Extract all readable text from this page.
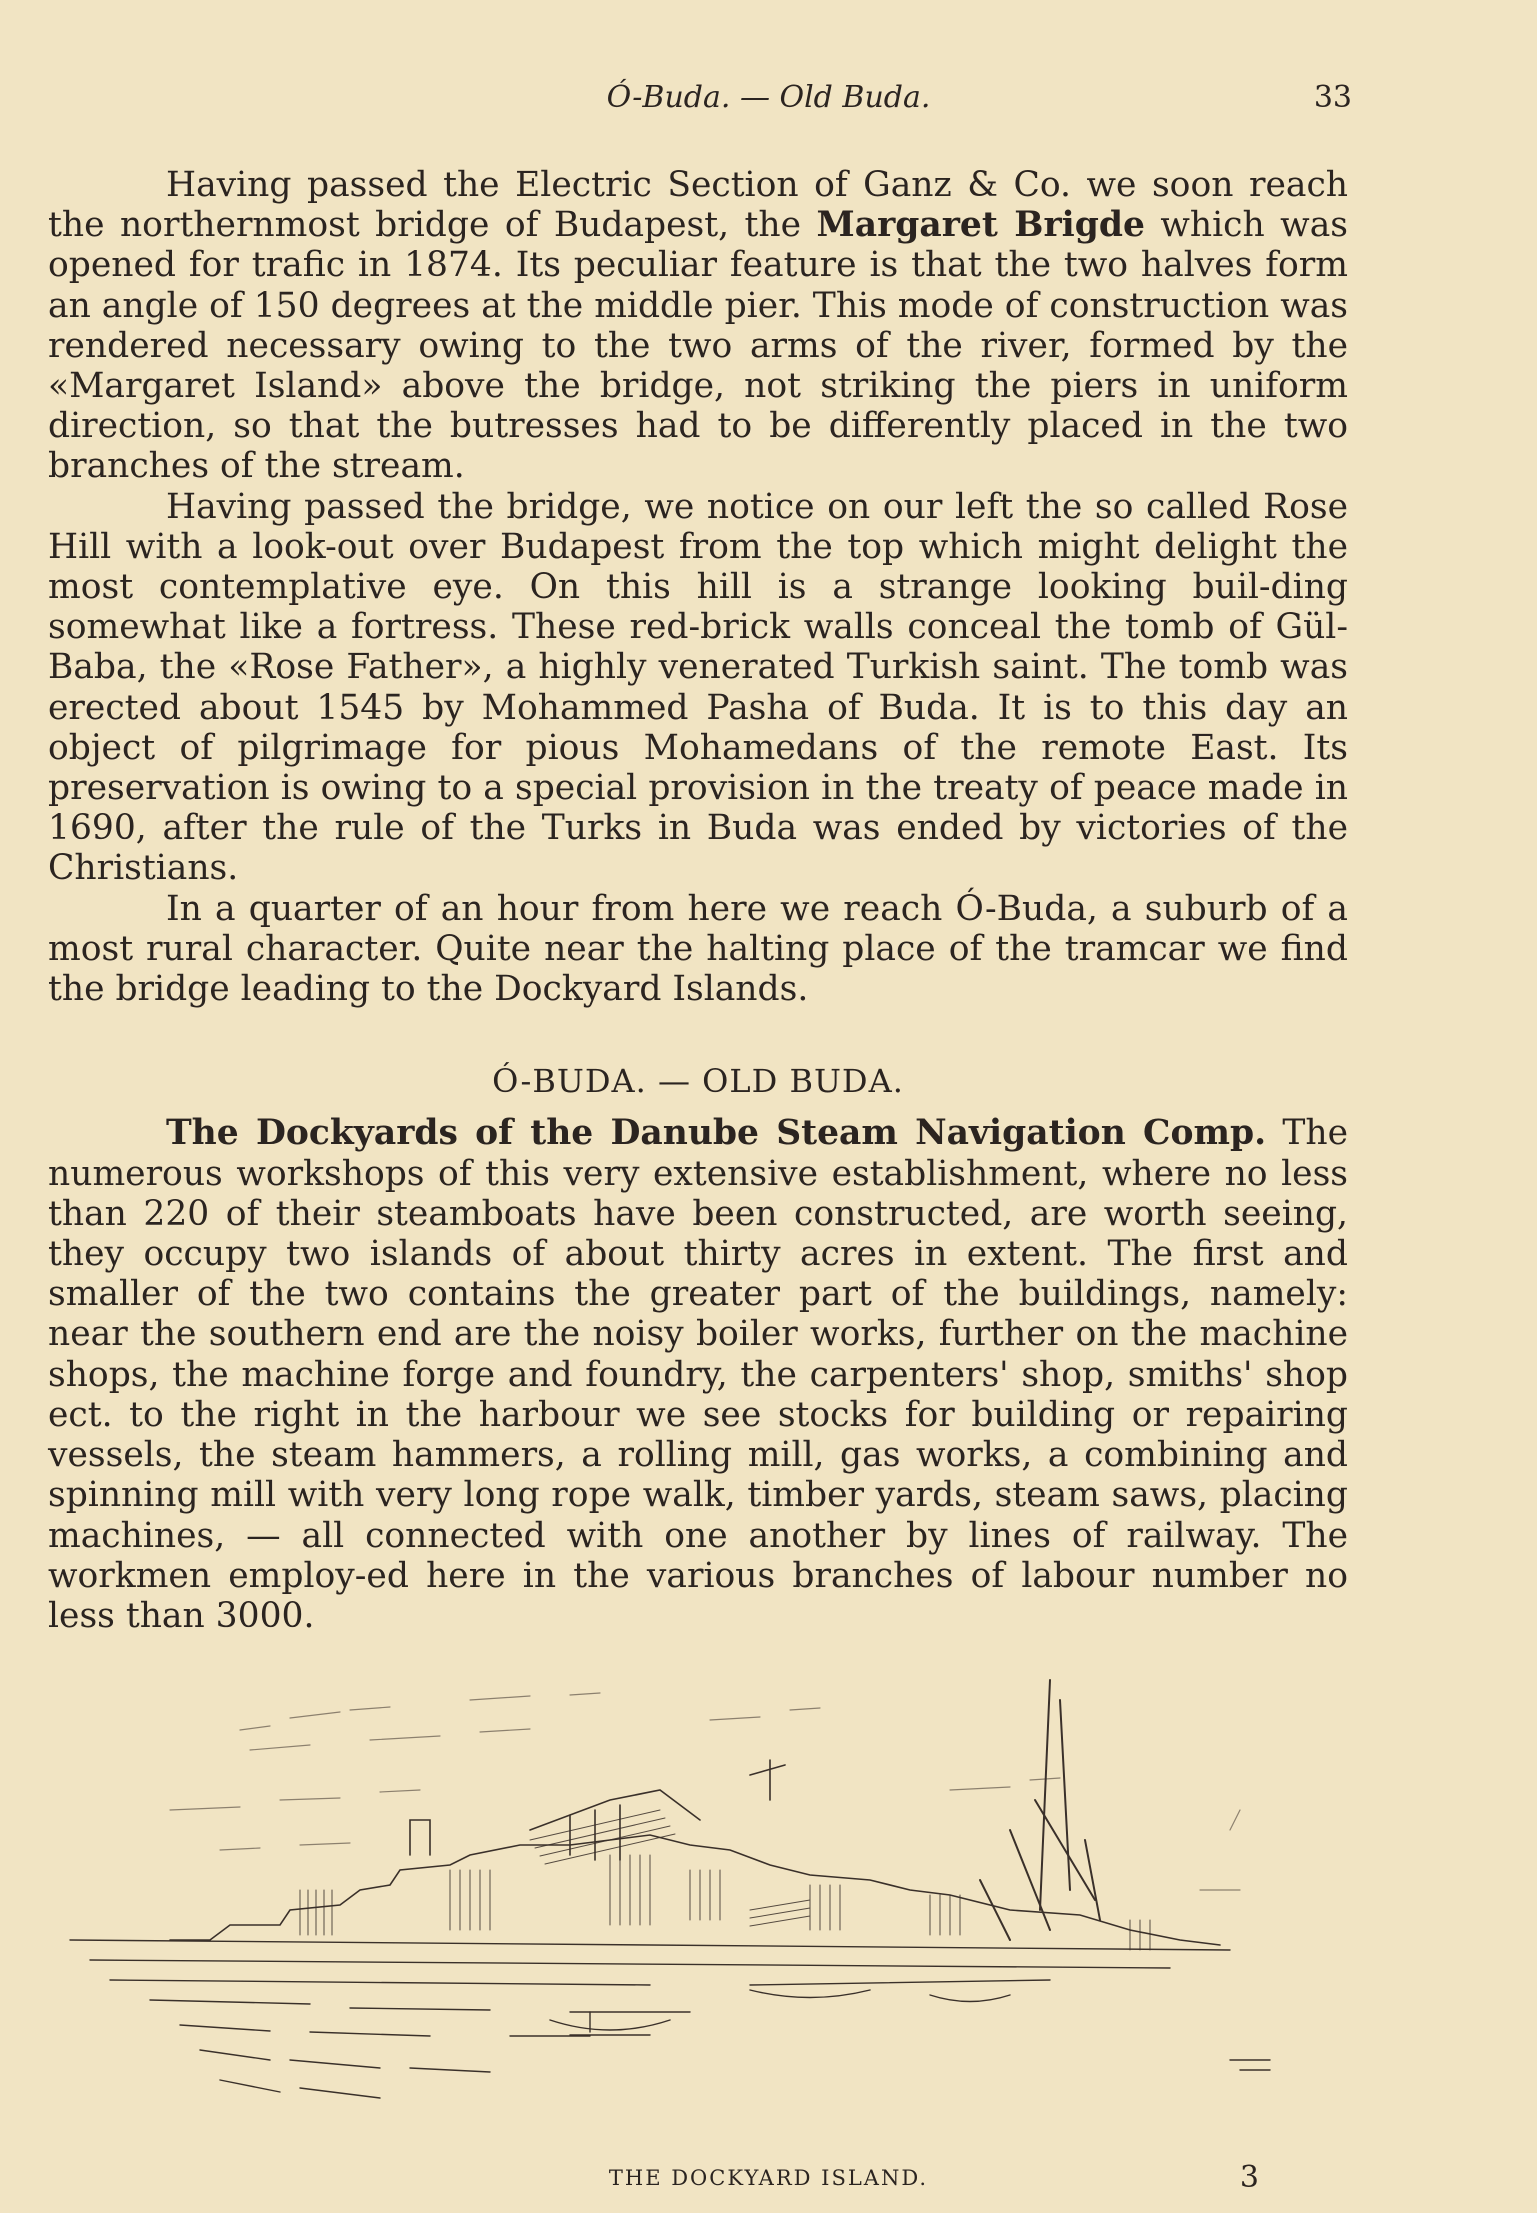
Ó-Buda. — Old Buda.	33

Having passed the Electric Section of Ganz & Co. we soon reach the northernmost bridge of Budapest, the Margaret Brigde which was opened for trafic in 1874. Its peculiar feature is that the two halves form an angle of 150 degrees at the middle pier. This mode of construction was rendered necessary owing to the two arms of the river, formed by the «Margaret Island» above the bridge, not striking the piers in uniform direction, so that the butresses had to be differently placed in the two branches of the stream.

Having passed the bridge, we notice on our left the so called Rose Hill with a look-out over Budapest from the top which might delight the most contemplative eye. On this hill is a strange looking buil-ding somewhat like a fortress. These red-brick walls conceal the tomb of Gül-Baba, the «Rose Father», a highly venerated Turkish saint. The tomb was erected about 1545 by Mohammed Pasha of Buda. It is to this day an object of pilgrimage for pious Mohamedans of the remote East. Its preservation is owing to a special provision in the treaty of peace made in 1690, after the rule of the Turks in Buda was ended by victories of the Christians.

In a quarter of an hour from here we reach Ó-Buda, a suburb of a most rural character. Quite near the halting place of the tramcar we find the bridge leading to the Dockyard Islands.

Ó-BUDA. — OLD BUDA.

The Dockyards of the Danube Steam Navigation Comp. The numerous workshops of this very extensive establishment, where no less than 220 of their steamboats have been constructed, are worth seeing, they occupy two islands of about thirty acres in extent. The first and smaller of the two contains the greater part of the buildings, namely: near the southern end are the noisy boiler works, further on the machine shops, the machine forge and foundry, the carpenters' shop, smiths' shop ect. to the right in the harbour we see stocks for building or repairing vessels, the steam hammers, a rolling mill, gas works, a combining and spinning mill with very long rope walk, timber yards, steam saws, placing machines, — all connected with one another by lines of railway. The workmen employ-ed here in the various branches of labour number no less than 3000.

THE DOCKYARD ISLAND.	3
